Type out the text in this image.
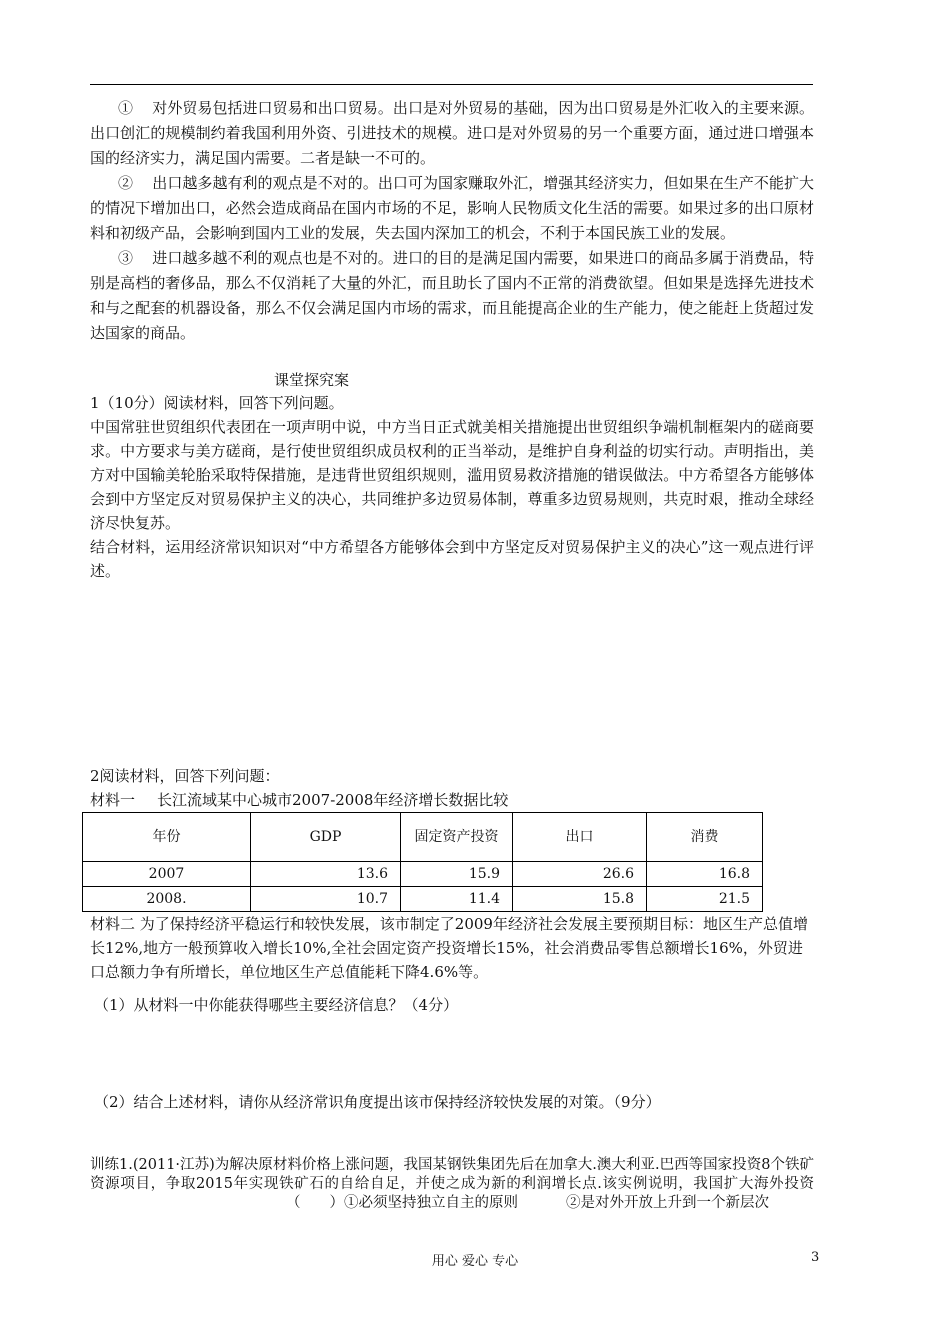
① 对外贸易包括进口贸易和出口贸易。出口是对外贸易的基础，因为出口贸易是外汇收入的主要来源。出口创汇的规模制约着我国利用外资、引进技术的规模。进口是对外贸易的另一个重要方面，通过进口增强本国的经济实力，满足国内需要。二者是缺一不可的。

② 出口越多越有利的观点是不对的。出口可为国家赚取外汇，增强其经济实力，但如果在生产不能扩大的情况下增加出口，必然会造成商品在国内市场的不足，影响人民物质文化生活的需要。如果过多的出口原材料和初级产品，会影响到国内工业的发展，失去国内深加工的机会，不利于本国民族工业的发展。

③ 进口越多越不利的观点也是不对的。进口的目的是满足国内需要，如果进口的商品多属于消费品，特别是高档的奢侈品，那么不仅消耗了大量的外汇，而且助长了国内不正常的消费欲望。但如果是选择先进技术和与之配套的机器设备，那么不仅会满足国内市场的需求，而且能提高企业的生产能力，使之能赶上货超过发达国家的商品。

课堂探究案

1（10分）阅读材料，回答下列问题。

中国常驻世贸组织代表团在一项声明中说，中方当日正式就美相关措施提出世贸组织争端机制框架内的磋商要求。中方要求与美方磋商，是行使世贸组织成员权利的正当举动，是维护自身利益的切实行动。声明指出，美方对中国输美轮胎采取特保措施，是违背世贸组织规则，滥用贸易救济措施的错误做法。中方希望各方能够体会到中方坚定反对贸易保护主义的决心，共同维护多边贸易体制，尊重多边贸易规则，共克时艰，推动全球经济尽快复苏。

结合材料，运用经济常识知识对“中方希望各方能够体会到中方坚定反对贸易保护主义的决心”这一观点进行评述。

2阅读材料，回答下列问题：
材料一 长江流域某中心城市2007-2008年经济增长数据比较
年份	GDP	固定资产投资	出口	消费
2007	13.6	15.9	26.6	16.8
2008.	10.7	11.4	15.8	21.5
材料二 为了保持经济平稳运行和较快发展，该市制定了2009年经济社会发展主要预期目标：地区生产总值增长12%,地方一般预算收入增长10%,全社会固定资产投资增长15%，社会消费品零售总额增长16%，外贸进口总额力争有所增长，单位地区生产总值能耗下降4.6%等。
（1）从材料一中你能获得哪些主要经济信息？（4分）
（2）结合上述材料，请你从经济常识角度提出该市保持经济较快发展的对策。（9分）
训练1.(2011·江苏)为解决原材料价格上涨问题，我国某钢铁集团先后在加拿大.澳大利亚.巴西等国家投资8个铁矿资源项目，争取2015年实现铁矿石的自给自足，并使之成为新的利润增长点.该实例说明，我国扩大海外投资（　　）①必须坚持独立自主的原则	②是对外开放上升到一个新层次
用心 爱心 专心	3
